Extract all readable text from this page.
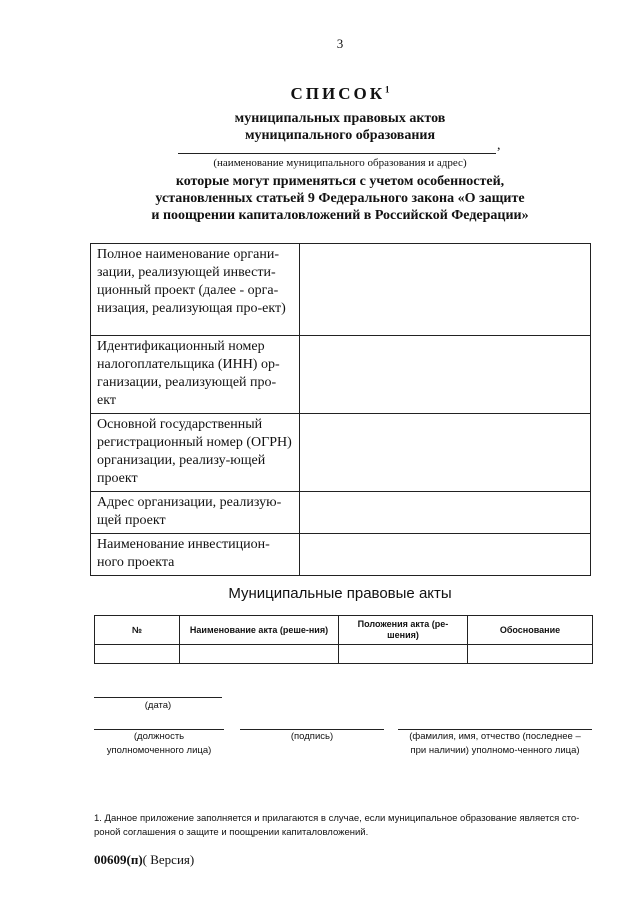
3
СПИСОК$^1$
муниципальных правовых актов
муниципального образования
,
(наименование муниципального образования и адрес)
которые могут применяться с учетом особенностей,
установленных статьей 9 Федерального закона «О защите
и поощрении капиталовложений в Российской Федерации»
Полное наименование органи-зации, реализующей инвести-ционный проект (далее - орга-низация, реализующая про-ект)	
Идентификационный номер налогоплательщика (ИНН) ор-ганизации, реализующей про-ект	
Основной государственный регистрационный номер (ОГРН) организации, реализу-ющей проект	
Адрес организации, реализую-щей проект	
Наименование инвестицион-ного проекта	
Муниципальные правовые акты
№	Наименование акта (реше-ния)	Положения акта (ре-шения)	Обоснование

(дата)
(должность уполномоченного лица)
(подпись)	(фамилия, имя, отчество (последнее – при наличии) уполномо-ченного лица)
1. Данное приложение заполняется и прилагаются в случае, если муниципальное образование является сто-роной соглашения о защите и поощрении капиталовложений.
00609(п)( Версия)
